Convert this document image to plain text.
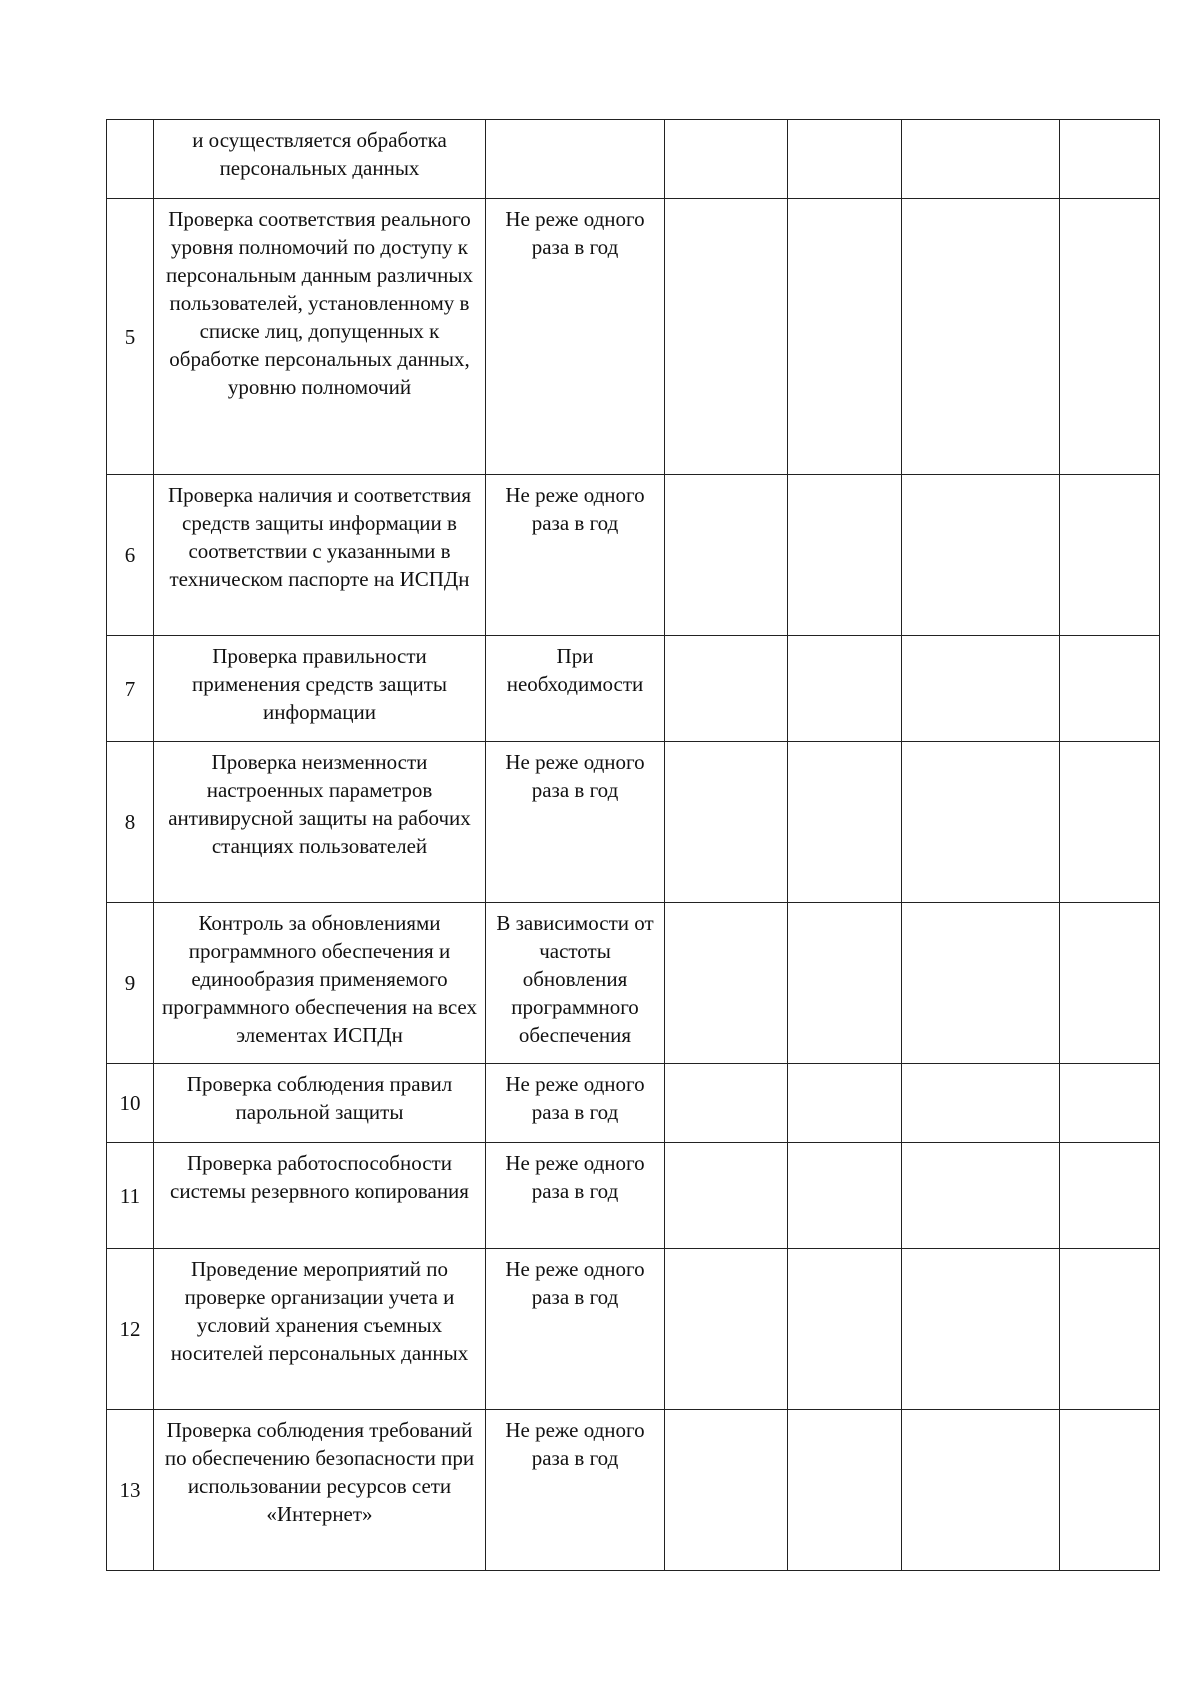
	и осуществляется обработка персональных данных					
5	Проверка соответствия реального уровня полномочий по доступу к персональным данным различных пользователей, установленному в списке лиц, допущенных к обработке персональных данных, уровню полномочий	Не реже одного раза в год				
6	Проверка наличия и соответствия средств защиты информации в соответствии с указанными в техническом паспорте на ИСПДн	Не реже одного раза в год				
7	Проверка правильности применения средств защиты информации	При необходимости				
8	Проверка неизменности настроенных параметров антивирусной защиты на рабочих станциях пользователей	Не реже одного раза в год				
9	Контроль за обновлениями программного обеспечения и единообразия применяемого программного обеспечения на всех элементах ИСПДн	В зависимости от частоты обновления программного обеспечения				
10	Проверка соблюдения правил парольной защиты	Не реже одного раза в год				
11	Проверка работоспособности системы резервного копирования	Не реже одного раза в год				
12	Проведение мероприятий по проверке организации учета и условий хранения съемных носителей персональных данных	Не реже одного раза в год				
13	Проверка соблюдения требований по обеспечению безопасности при использовании ресурсов сети «Интернет»	Не реже одного раза в год				
